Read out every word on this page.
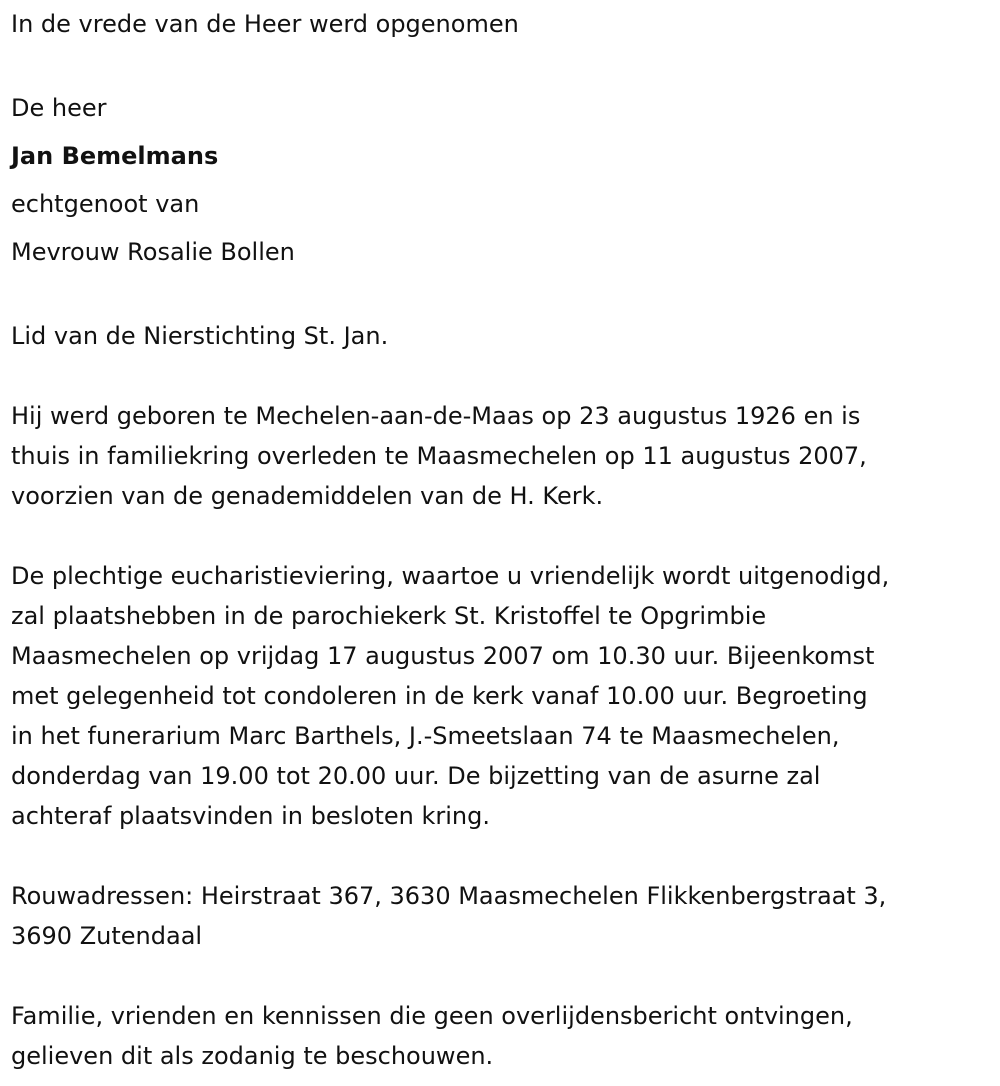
In de vrede van de Heer werd opgenomen

De heer

Jan Bemelmans

echtgenoot van

Mevrouw Rosalie Bollen

Lid van de Nierstichting St. Jan.

Hij werd geboren te Mechelen-aan-de-Maas op 23 augustus 1926 en is

thuis in familiekring overleden te Maasmechelen op 11 augustus 2007,

voorzien van de genademiddelen van de H. Kerk.

De plechtige eucharistieviering, waartoe u vriendelijk wordt uitgenodigd,

zal plaatshebben in de parochiekerk St. Kristoffel te Opgrimbie

Maasmechelen op vrijdag 17 augustus 2007 om 10.30 uur. Bijeenkomst

met gelegenheid tot condoleren in de kerk vanaf 10.00 uur. Begroeting

in het funerarium Marc Barthels, J.-Smeetslaan 74 te Maasmechelen,

donderdag van 19.00 tot 20.00 uur. De bijzetting van de asurne zal

achteraf plaatsvinden in besloten kring.

Rouwadressen: Heirstraat 367, 3630 Maasmechelen Flikkenbergstraat 3,

3690 Zutendaal

Familie, vrienden en kennissen die geen overlijdensbericht ontvingen,

gelieven dit als zodanig te beschouwen.
